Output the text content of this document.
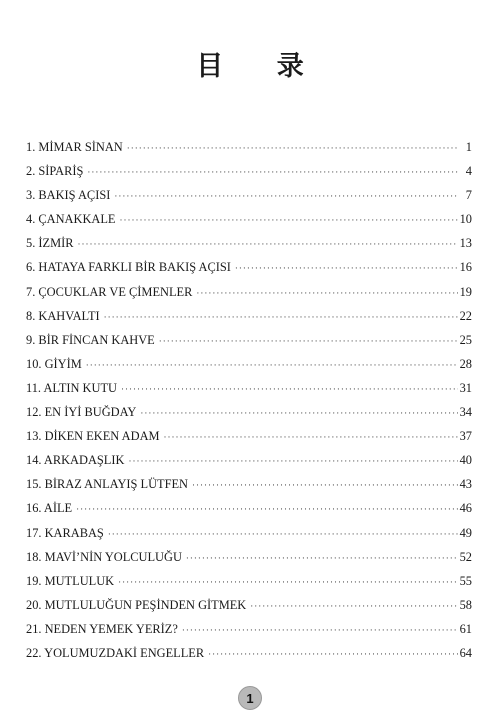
目 录
1. MİMAR SİNAN ·····	1
2. SİPARİŞ ·····	4
3. BAKIŞ AÇISI ·····	7
4. ÇANAKKALE ·····	10
5. İZMİR ·····	13
6. HATAYA FARKLI BİR BAKIŞ AÇISI ·····	16
7. ÇOCUKLAR VE ÇİMENLER ·····	19
8. KAHVALTI ·····	22
9. BİR FİNCAN KAHVE ·····	25
10. GİYİM ·····	28
11. ALTIN KUTU ·····	31
12. EN İYİ BUĞDAY ·····	34
13. DİKEN EKEN ADAM ·····	37
14. ARKADAŞLIK ·····	40
15. BİRAZ ANLAYIŞ LÜTFEN ·····	43
16. AİLE ·····	46
17. KARABAŞ ·····	49
18. MAVİ’NİN YOLCULUĞU ·····	52
19. MUTLULUK ·····	55
20. MUTLULUĞUN PEŞİNDEN GİTMEK ·····	58
21. NEDEN YEMEK YERİZ? ·····	61
22. YOLUMUZDAKİ ENGELLER ·····	64
1
